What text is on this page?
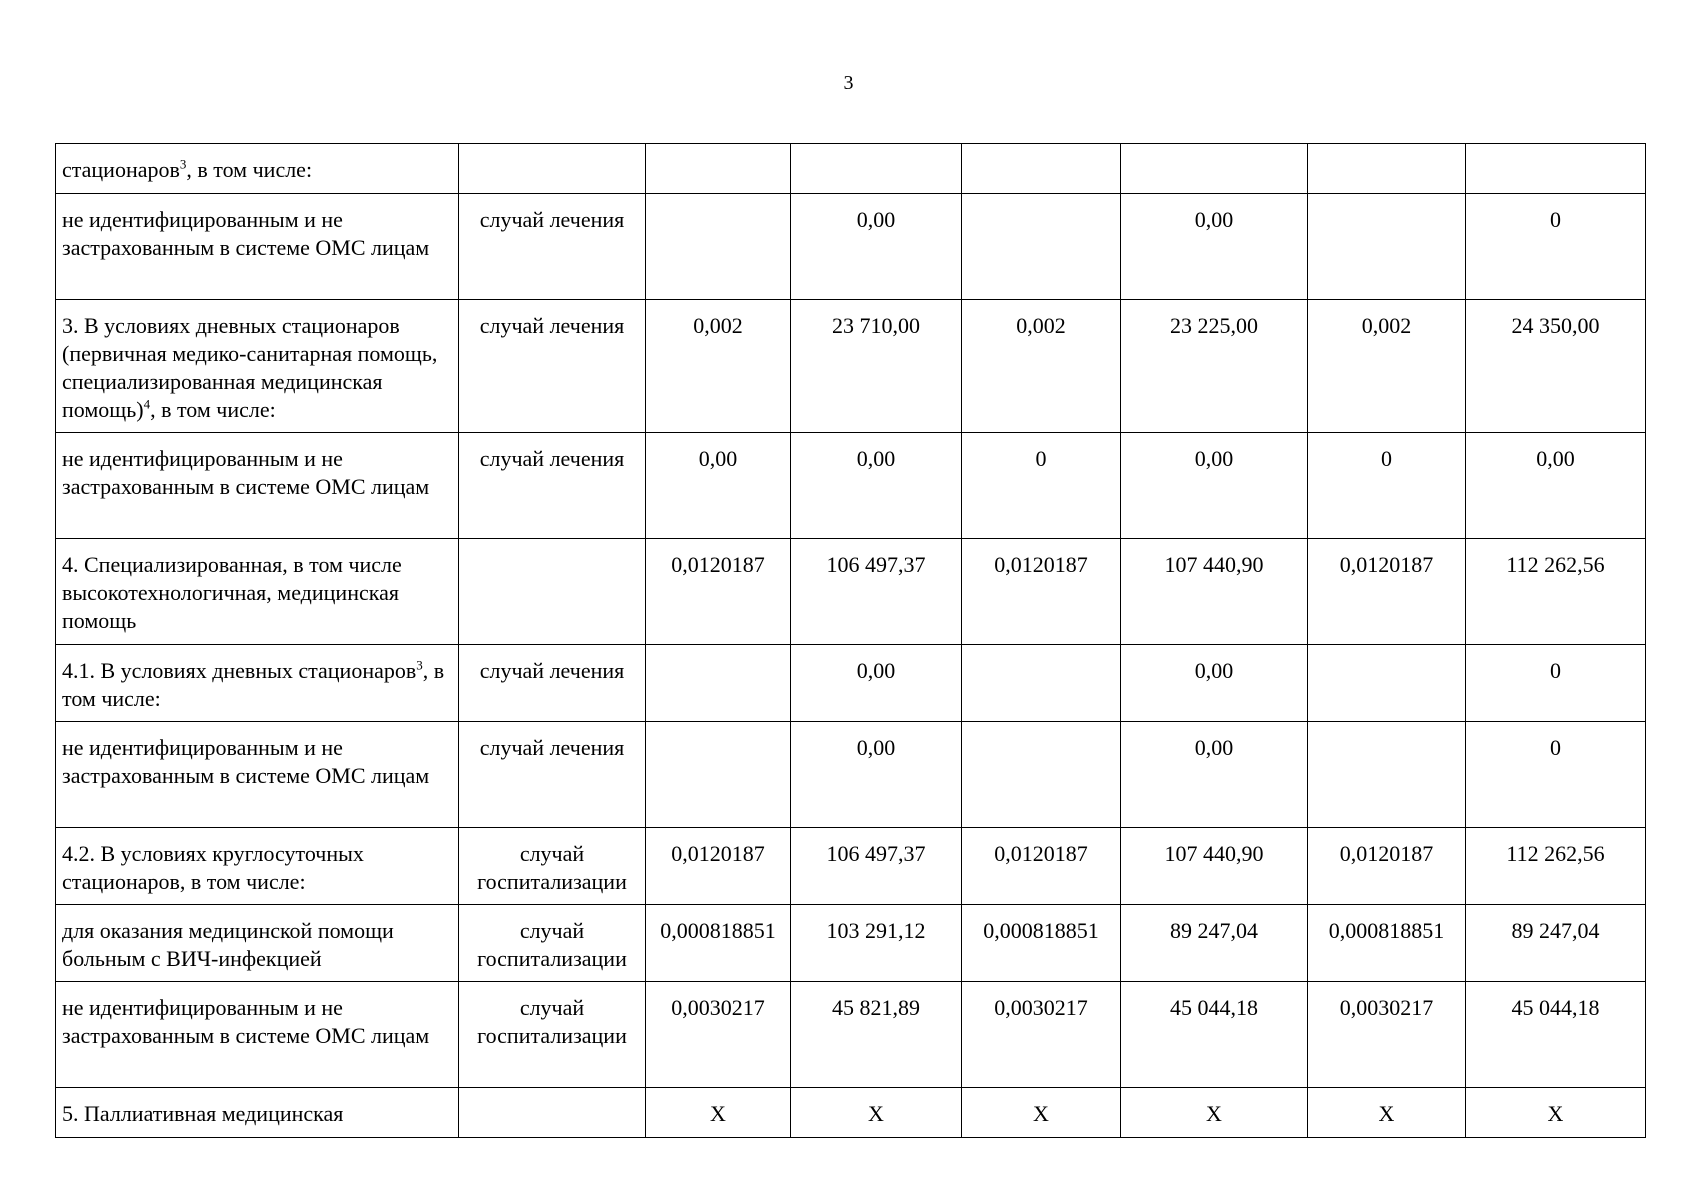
3
стационаров$^3$, в том числе:							
не идентифицированным и не застрахованным в системе ОМС лицам	случай лечения		0,00		0,00		0
3. В условиях дневных стационаров (первичная медико-санитарная помощь, специализированная медицинская помощь)$^4$, в том числе:	случай лечения	0,002	23 710,00	0,002	23 225,00	0,002	24 350,00
не идентифицированным и не застрахованным в системе ОМС лицам	случай лечения	0,00	0,00	0	0,00	0	0,00
4. Специализированная, в том числе высокотехнологичная, медицинская помощь		0,0120187	106 497,37	0,0120187	107 440,90	0,0120187	112 262,56
4.1. В условиях дневных стационаров$^3$, в том числе:	случай лечения		0,00		0,00		0
не идентифицированным и не застрахованным в системе ОМС лицам	случай лечения		0,00		0,00		0
4.2. В условиях круглосуточных стационаров, в том числе:	случай госпитализации	0,0120187	106 497,37	0,0120187	107 440,90	0,0120187	112 262,56
для оказания медицинской помощи больным с ВИЧ-инфекцией	случай госпитализации	0,000818851	103 291,12	0,000818851	89 247,04	0,000818851	89 247,04
не идентифицированным и не застрахованным в системе ОМС лицам	случай госпитализации	0,0030217	45 821,89	0,0030217	45 044,18	0,0030217	45 044,18
5. Паллиативная медицинская		Х	Х	Х	Х	Х	Х
